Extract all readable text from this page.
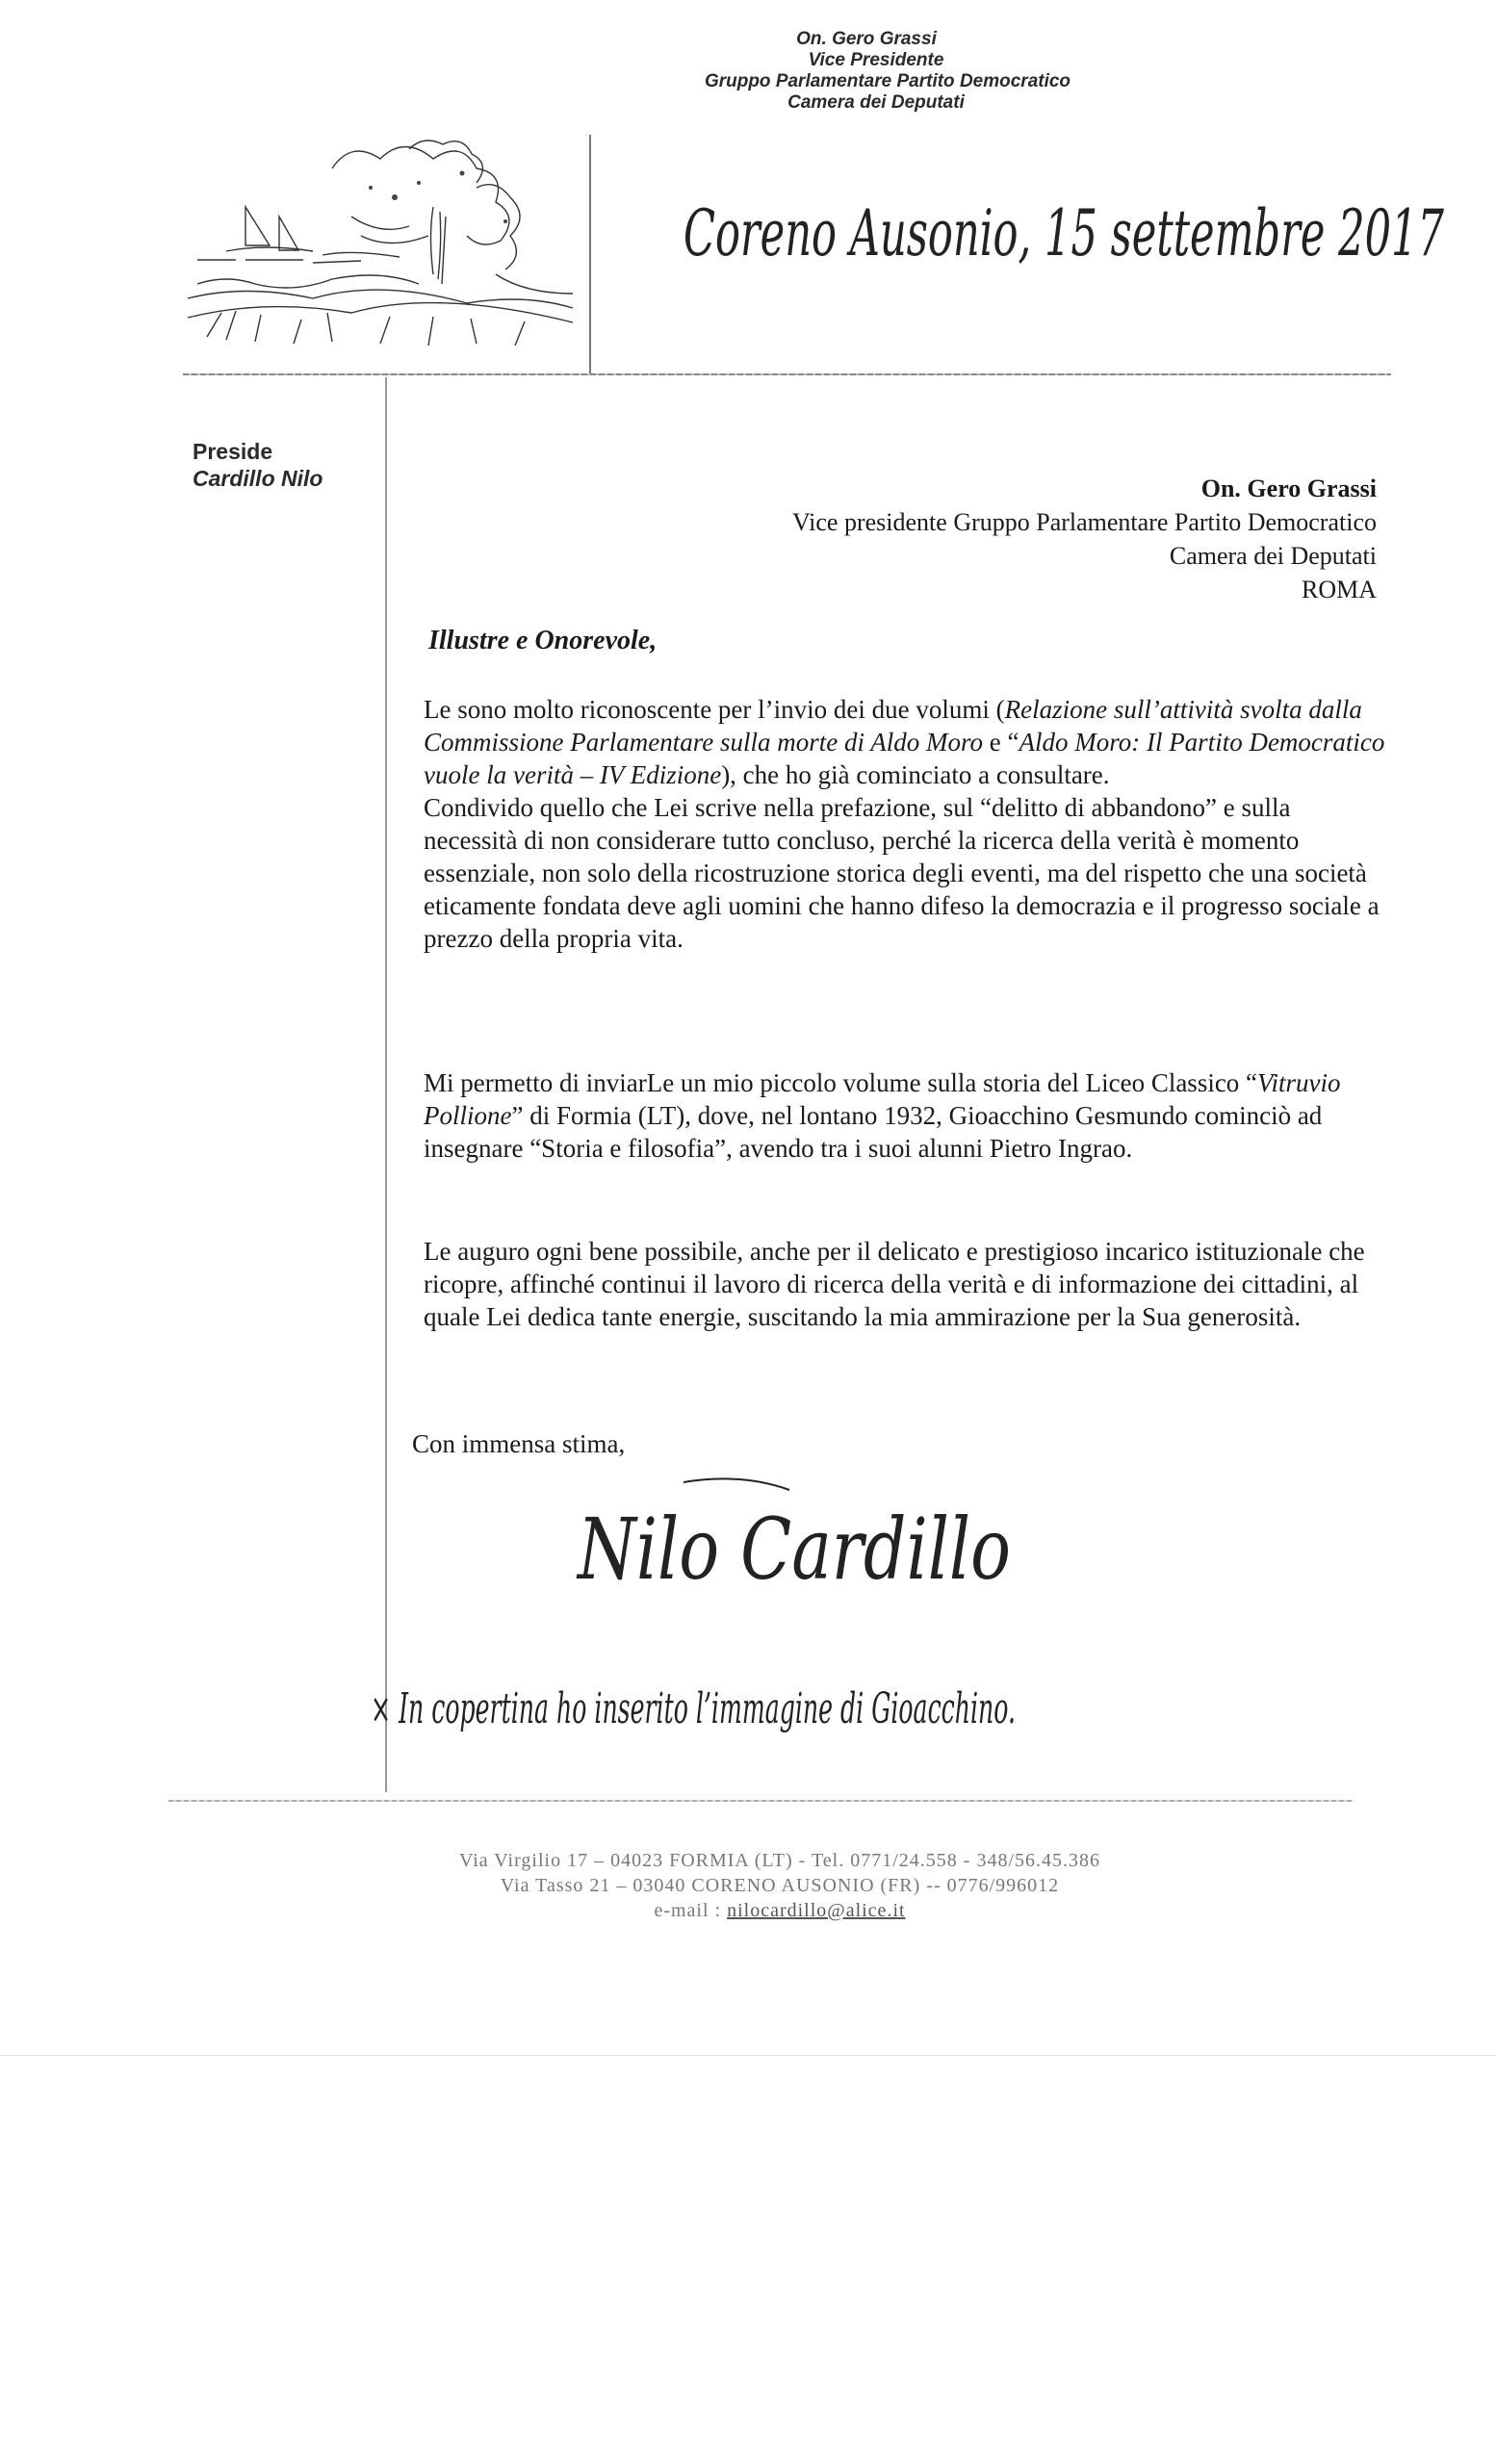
On. Gero Grassi
Vice Presidente
Gruppo Parlamentare Partito Democratico
Camera dei Deputati
Coreno Ausonio, 15 settembre 2017
Preside
Cardillo Nilo	On. Gero Grassi
Vice presidente Gruppo Parlamentare Partito Democratico
Camera dei Deputati
ROMA
Illustre e Onorevole,

Le sono molto riconoscente per l’invio dei due volumi (Relazione sull’attività svolta dalla Commissione Parlamentare sulla morte di Aldo Moro e “Aldo Moro: Il Partito Democratico vuole la verità – IV Edizione), che ho già cominciato a consultare.

Condivido quello che Lei scrive nella prefazione, sul “delitto di abbandono” e sulla necessità di non considerare tutto concluso, perché la ricerca della verità è momento essenziale, non solo della ricostruzione storica degli eventi, ma del rispetto che una società eticamente fondata deve agli uomini che hanno difeso la democrazia e il progresso sociale a prezzo della propria vita.

Mi permetto di inviarLe un mio piccolo volume sulla storia del Liceo Classico “Vitruvio Pollione” di Formia (LT), dove, nel lontano 1932, Gioacchino Gesmundo cominciò ad insegnare “Storia e filosofia”, avendo tra i suoi alunni Pietro Ingrao.

Le auguro ogni bene possibile, anche per il delicato e prestigioso incarico istituzionale che ricopre, affinché continui il lavoro di ricerca della verità e di informazione dei cittadini, al quale Lei dedica tante energie, suscitando la mia ammirazione per la Sua generosità.

Con immensa stima,
Nilo Cardillo
× In copertina ho inserito l’immagine di Gioacchino.
Via Virgilio 17 – 04023 FORMIA (LT) - Tel. 0771/24.558 - 348/56.45.386
Via Tasso 21 – 03040 CORENO AUSONIO (FR) -- 0776/996012
e-mail : nilocardillo@alice.it
